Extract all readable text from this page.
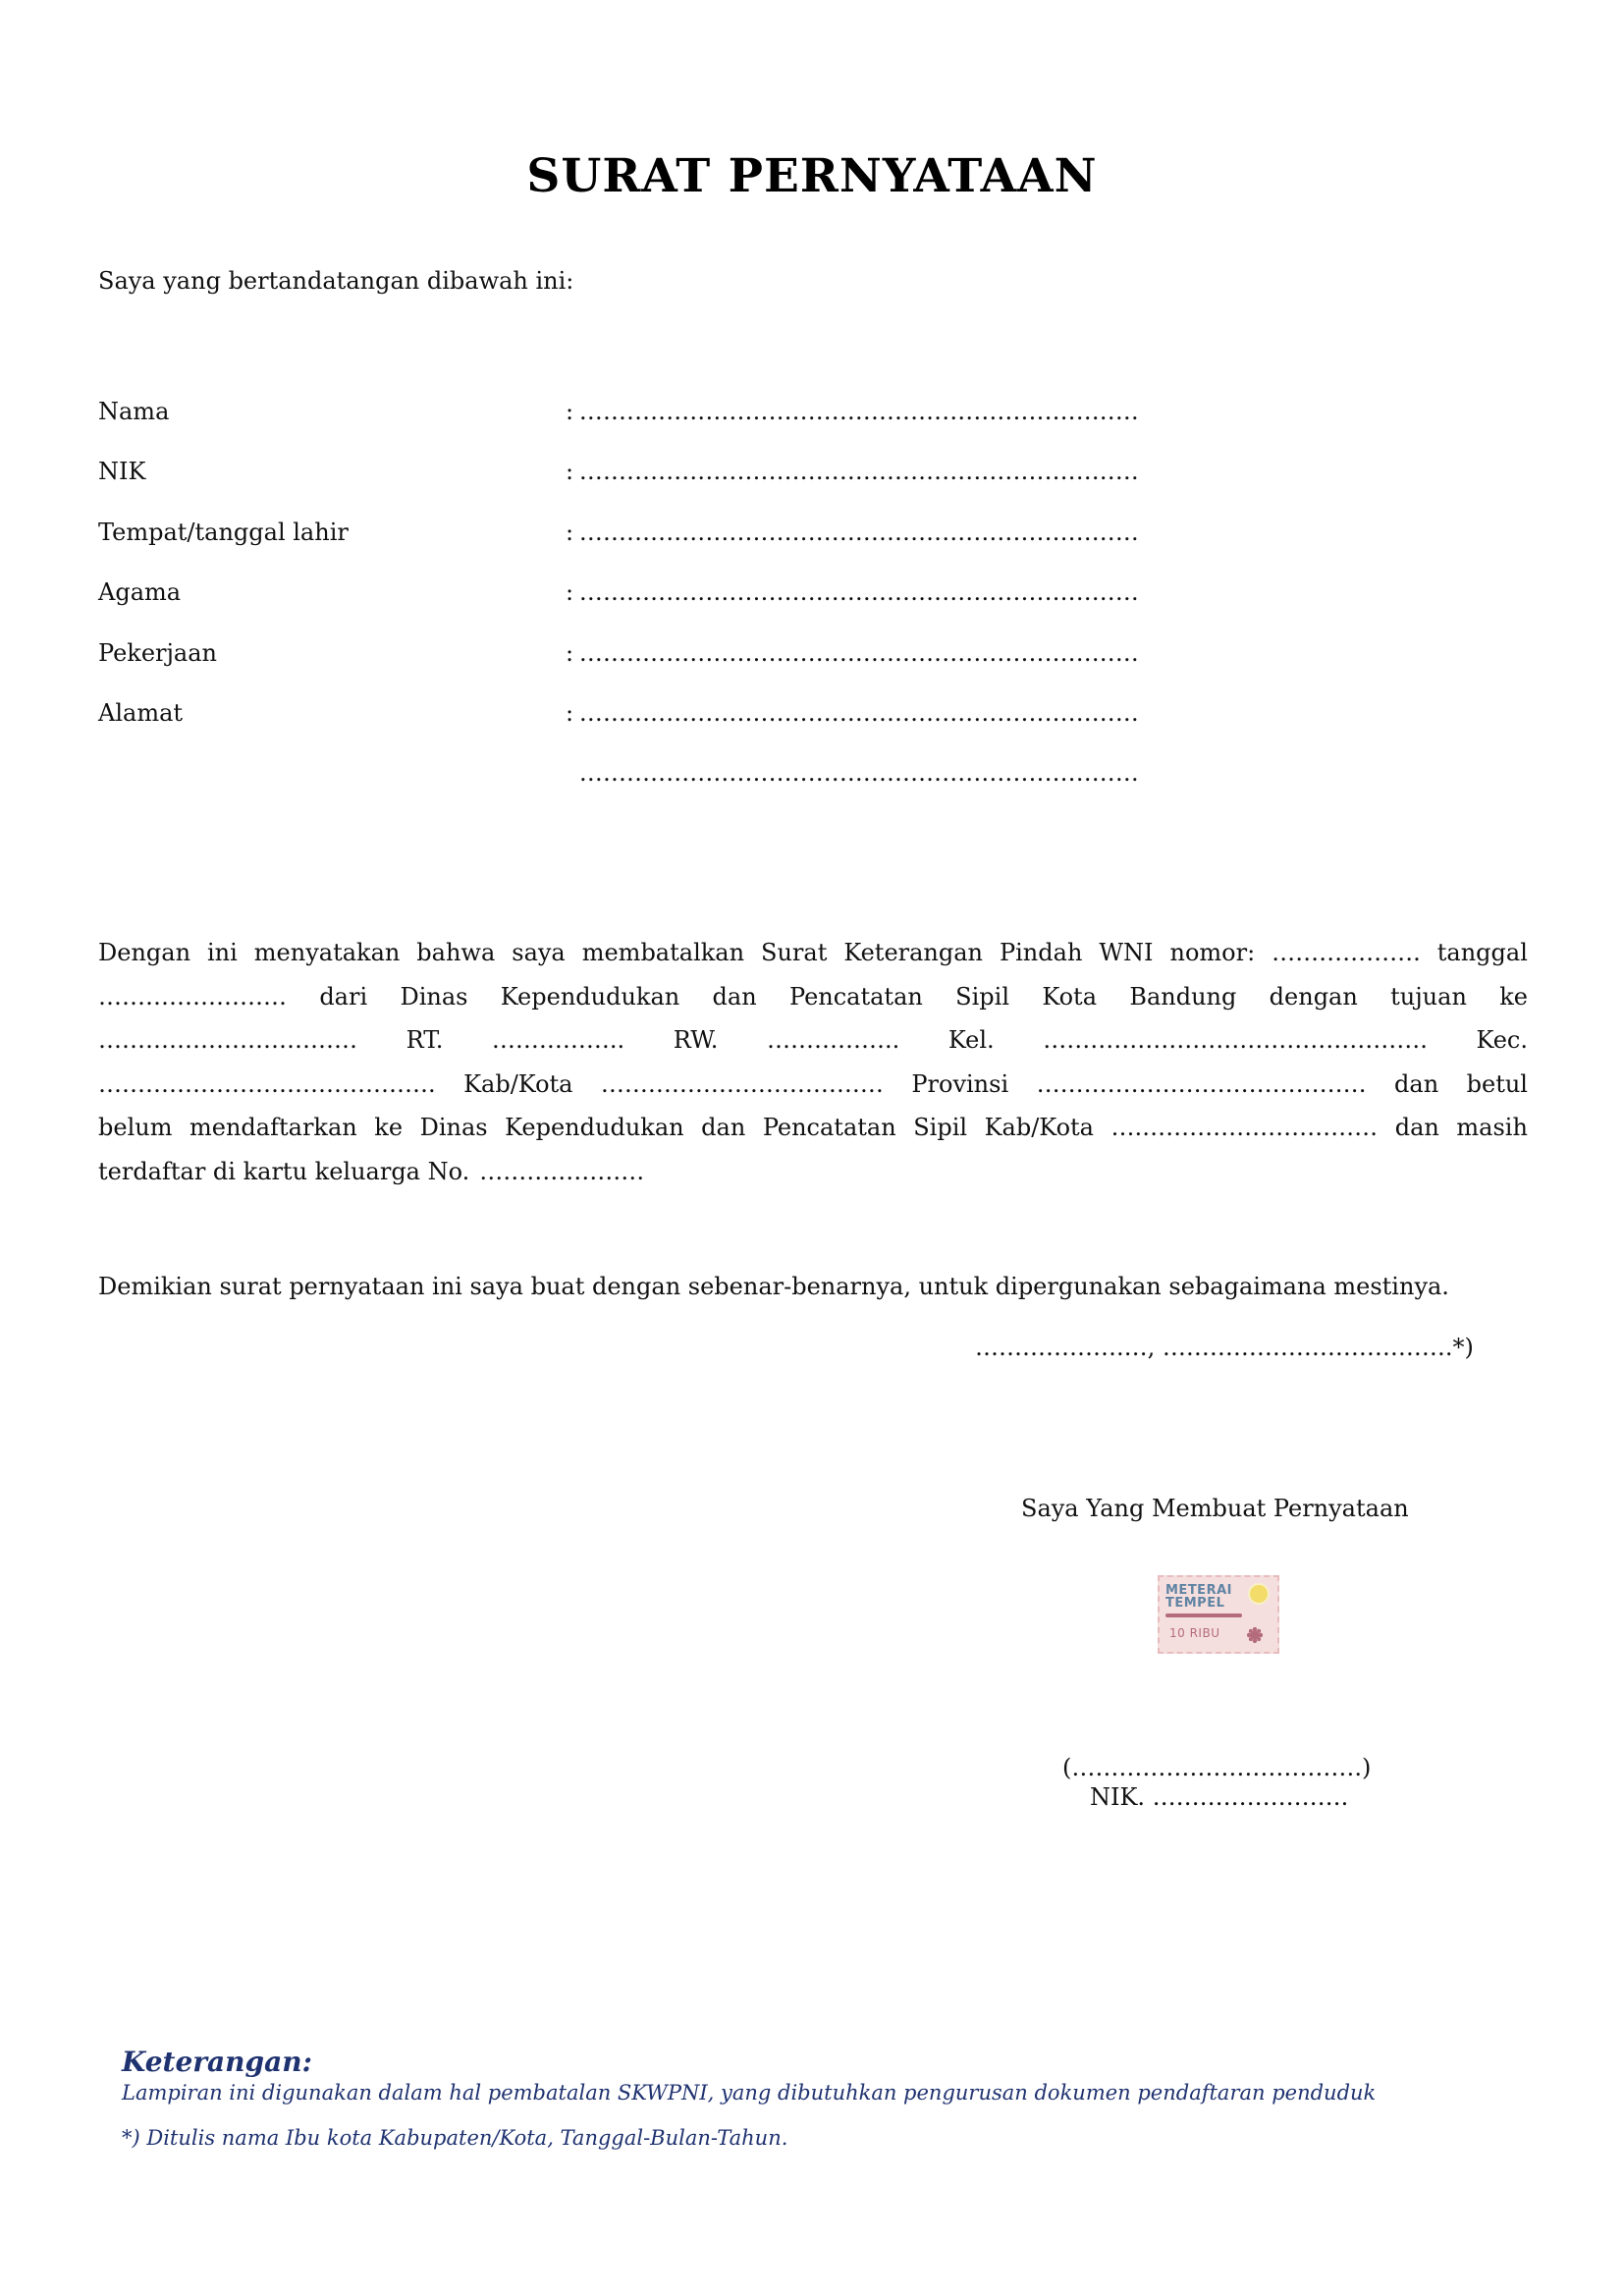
SURAT PERNYATAAN

Saya yang bertandatangan dibawah ini:

Nama	: .......................................................................
NIK	: .......................................................................
Tempat/tanggal lahir	: .......................................................................
Agama	: .......................................................................
Pekerjaan	: .......................................................................
Alamat	: .......................................................................
.......................................................................
Dengan ini menyatakan bahwa saya membatalkan Surat Keterangan Pindah WNI nomor: ………………. tanggal
…………………… dari Dinas Kependudukan dan Pencatatan Sipil Kota Bandung dengan tujuan ke
…………………………… RT. …………….. RW. …………….. Kel. …………………………………………. Kec.
……………………………………. Kab/Kota ……………………………… Provinsi …………………………………… dan betul
belum mendaftarkan ke Dinas Kependudukan dan Pencatatan Sipil Kab/Kota ….………………………… dan masih
terdaftar di kartu keluarga No. …………………

Demikian surat pernyataan ini saya buat dengan sebenar-benarnya, untuk dipergunakan sebagaimana mestinya.

……………….…, ……………………………….*)

Saya Yang Membuat Pernyataan

METERAI
TEMPEL
10 RIBU

(……………………………….)

NIK. …………………….

Keterangan:
Lampiran ini digunakan dalam hal pembatalan SKWPNI, yang dibutuhkan pengurusan dokumen pendaftaran penduduk
*) Ditulis nama Ibu kota Kabupaten/Kota, Tanggal-Bulan-Tahun.
